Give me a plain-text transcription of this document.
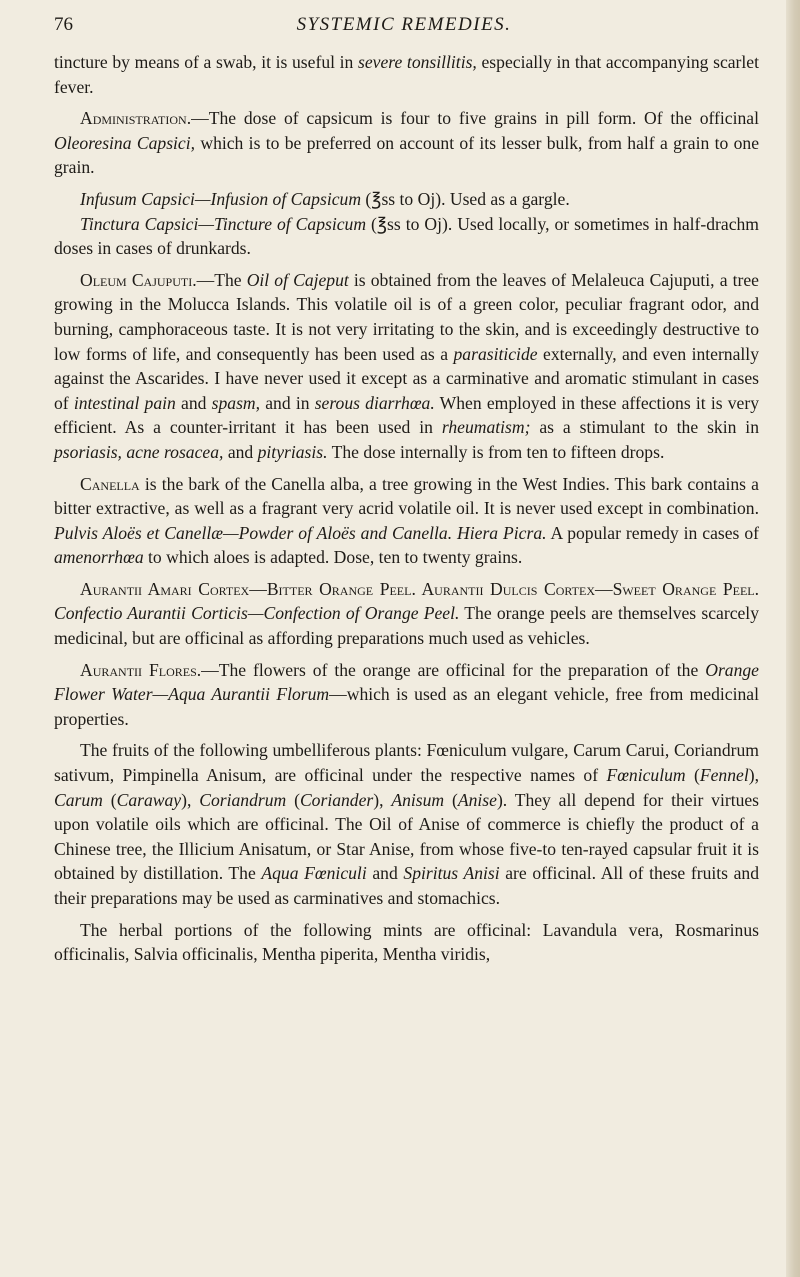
76	SYSTEMIC REMEDIES.

tincture by means of a swab, it is useful in severe tonsillitis, especially in that accompanying scarlet fever.

Administration.—The dose of capsicum is four to five grains in pill form. Of the officinal Oleoresina Capsici, which is to be preferred on account of its lesser bulk, from half a grain to one grain.

Infusum Capsici—Infusion of Capsicum (℥ss to Oj). Used as a gargle.

Tinctura Capsici—Tincture of Capsicum (℥ss to Oj). Used locally, or sometimes in half-drachm doses in cases of drunkards.

Oleum Cajuputi.—The Oil of Cajeput is obtained from the leaves of Melaleuca Cajuputi, a tree growing in the Molucca Islands. This volatile oil is of a green color, peculiar fragrant odor, and burning, camphoraceous taste. It is not very irritating to the skin, and is exceedingly destructive to low forms of life, and consequently has been used as a parasiticide externally, and even internally against the Ascarides. I have never used it except as a carminative and aromatic stimulant in cases of intestinal pain and spasm, and in serous diarrhœa. When employed in these affections it is very efficient. As a counter-irritant it has been used in rheumatism; as a stimulant to the skin in psoriasis, acne rosacea, and pityriasis. The dose internally is from ten to fifteen drops.

Canella is the bark of the Canella alba, a tree growing in the West Indies. This bark contains a bitter extractive, as well as a fragrant very acrid volatile oil. It is never used except in combination. Pulvis Aloës et Canellæ—Powder of Aloës and Canella. Hiera Picra. A popular remedy in cases of amenorrhœa to which aloes is adapted. Dose, ten to twenty grains.

Aurantii Amari Cortex—Bitter Orange Peel. Aurantii Dulcis Cortex—Sweet Orange Peel. Confectio Aurantii Corticis—Confection of Orange Peel. The orange peels are themselves scarcely medicinal, but are officinal as affording preparations much used as vehicles.

Aurantii Flores.—The flowers of the orange are officinal for the preparation of the Orange Flower Water—Aqua Aurantii Florum—which is used as an elegant vehicle, free from medicinal properties.

The fruits of the following umbelliferous plants: Fœniculum vulgare, Carum Carui, Coriandrum sativum, Pimpinella Anisum, are officinal under the respective names of Fœniculum (Fennel), Carum (Caraway), Coriandrum (Coriander), Anisum (Anise). They all depend for their virtues upon volatile oils which are officinal. The Oil of Anise of commerce is chiefly the product of a Chinese tree, the Illicium Anisatum, or Star Anise, from whose five-to ten-rayed capsular fruit it is obtained by distillation. The Aqua Fœniculi and Spiritus Anisi are officinal. All of these fruits and their preparations may be used as carminatives and stomachics.

The herbal portions of the following mints are officinal: Lavandula vera, Rosmarinus officinalis, Salvia officinalis, Mentha piperita, Mentha viridis,
